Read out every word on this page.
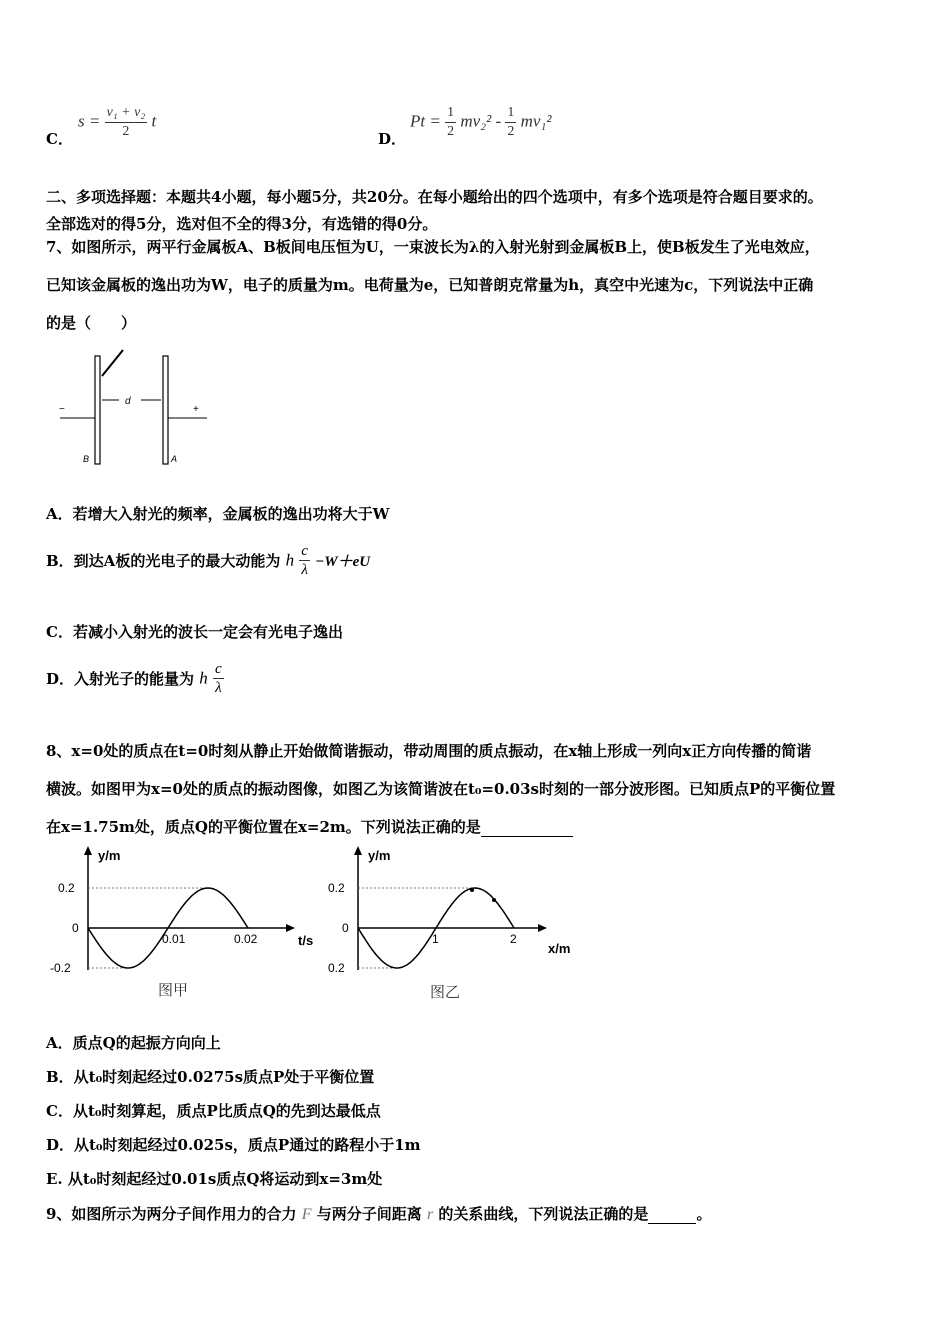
C．
$s = \frac{\text{v₁ + v₂}}{2}$ t
D．
$Pt = \frac{1}{2} mv_2^2 - \frac{1}{2} mv_1^2$
二、多项选择题：本题共4小题，每小题5分，共20分。在每小题给出的四个选项中，有多个选项是符合题目要求的。
全部选对的得5分，选对但不全的得3分，有选错的得0分。
7、如图所示，两平行金属板A、B板间电压恒为U，一束波长为λ的入射光射到金属板B上，使B板发生了光电效应，
已知该金属板的逸出功为W，电子的质量为m。电荷量为e，已知普朗克常量为h，真空中光速为c，下列说法中正确
的是（　　）
−
B
d
A
+
A．若增大入射光的频率，金属板的逸出功将大于W
B．到达A板的光电子的最大动能为 h $\frac{c}{\lambda} -W+eU$
C．若减小入射光的波长一定会有光电子逸出
D．入射光子的能量为 h $\frac{c}{\lambda}$
8、x=0处的质点在t=0时刻从静止开始做简谐振动，带动周围的质点振动，在x轴上形成一列向x正方向传播的简谐
横波。如图甲为x=0处的质点的振动图像，如图乙为该简谐波在t₀=0.03s时刻的一部分波形图。已知质点P的平衡位置
在x=1.75m处，质点Q的平衡位置在x=2m。下列说法正确的是
y/m
t/s
0.2
0
-0.2
0.01	0.02
图甲
y/m
x/m
0.2
0
0.2
1	2
图乙
A．质点Q的起振方向向上
B．从t₀时刻起经过0.0275s质点P处于平衡位置
C．从t₀时刻算起，质点P比质点Q的先到达最低点
D．从t₀时刻起经过0.025s，质点P通过的路程小于1m
E. 从t₀时刻起经过0.01s质点Q将运动到x=3m处
9、如图所示为两分子间作用力的合力 F 与两分子间距离 r 的关系曲线，下列说法正确的是	。
